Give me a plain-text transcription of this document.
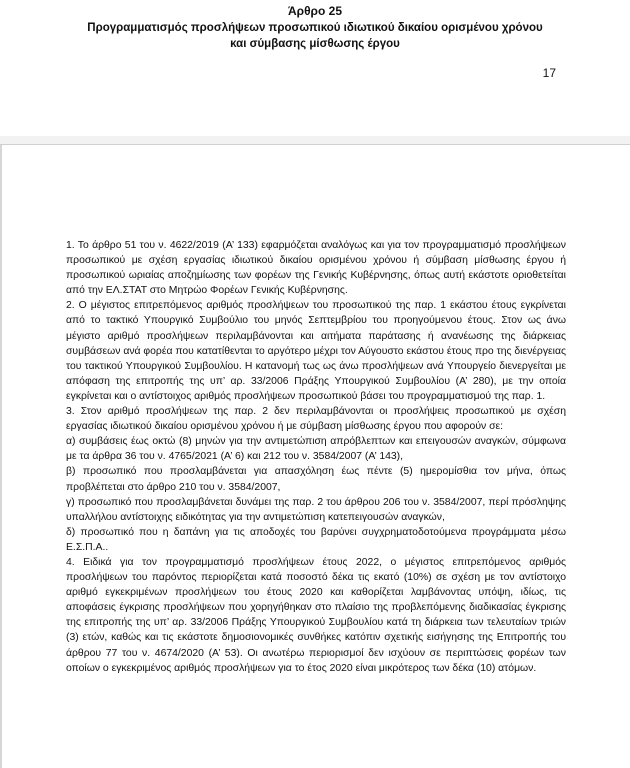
Άρθρο 25
Προγραμματισμός προσλήψεων προσωπικού ιδιωτικού δικαίου ορισμένου χρόνου και σύμβασης μίσθωσης έργου
17

1. Το άρθρο 51 του ν. 4622/2019 (Α’ 133) εφαρμόζεται αναλόγως και για τον προγραμματισμό προσλήψεων προσωπικού με σχέση εργασίας ιδιωτικού δικαίου ορισμένου χρόνου ή σύμβαση μίσθωσης έργου ή προσωπικού ωριαίας αποζημίωσης των φορέων της Γενικής Κυβέρνησης, όπως αυτή εκάστοτε οριοθετείται από την ΕΛ.ΣΤΑΤ στο Μητρώο Φορέων Γενικής Κυβέρνησης.

2. Ο μέγιστος επιτρεπόμενος αριθμός προσλήψεων του προσωπικού της παρ. 1 εκάστου έτους εγκρίνεται από το τακτικό Υπουργικό Συμβούλιο του μηνός Σεπτεμβρίου του προηγούμενου έτους. Στον ως άνω μέγιστο αριθμό προσλήψεων περιλαμβάνονται και αιτήματα παράτασης ή ανανέωσης της διάρκειας συμβάσεων ανά φορέα που κατατίθενται το αργότερο μέχρι τον Αύγουστο εκάστου έτους προ της διενέργειας του τακτικού Υπουργικού Συμβουλίου. Η κατανομή τως ως άνω προσλήψεων ανά Υπουργείο διενεργείται με απόφαση της επιτροπής της υπ’ αρ. 33/2006 Πράξης Υπουργικού Συμβουλίου (Α’ 280), με την οποία εγκρίνεται και ο αντίστοιχος αριθμός προσλήψεων προσωπικού βάσει του προγραμματισμού της παρ. 1.

3. Στον αριθμό προσλήψεων της παρ. 2 δεν περιλαμβάνονται οι προσλήψεις προσωπικού με σχέση εργασίας ιδιωτικού δικαίου ορισμένου χρόνου ή με σύμβαση μίσθωσης έργου που αφορούν σε:

α) συμβάσεις έως οκτώ (8) μηνών για την αντιμετώπιση απρόβλεπτων και επειγουσών αναγκών, σύμφωνα με τα άρθρα 36 του ν. 4765/2021 (Α’ 6) και 212 του ν. 3584/2007 (Α’ 143),

β) προσωπικό που προσλαμβάνεται για απασχόληση έως πέντε (5) ημερομίσθια τον μήνα, όπως προβλέπεται στο άρθρο 210 του ν. 3584/2007,

γ) προσωπικό που προσλαμβάνεται δυνάμει της παρ. 2 του άρθρου 206 του ν. 3584/2007, περί πρόσληψης υπαλλήλου αντίστοιχης ειδικότητας για την αντιμετώπιση κατεπειγουσών αναγκών,

δ) προσωπικό που η δαπάνη για τις αποδοχές του βαρύνει συγχρηματοδοτούμενα προγράμματα μέσω Ε.Σ.Π.Α..

4. Ειδικά για τον προγραμματισμό προσλήψεων έτους 2022, ο μέγιστος επιτρεπόμενος αριθμός προσλήψεων του παρόντος περιορίζεται κατά ποσοστό δέκα τις εκατό (10%) σε σχέση με τον αντίστοιχο αριθμό εγκεκριμένων προσλήψεων του έτους 2020 και καθορίζεται λαμβάνοντας υπόψη, ιδίως, τις αποφάσεις έγκρισης προσλήψεων που χορηγήθηκαν στο πλαίσιο της προβλεπόμενης διαδικασίας έγκρισης της επιτροπής της υπ’ αρ. 33/2006 Πράξης Υπουργικού Συμβουλίου κατά τη διάρκεια των τελευταίων τριών (3) ετών, καθώς και τις εκάστοτε δημοσιονομικές συνθήκες κατόπιν σχετικής εισήγησης της Επιτροπής του άρθρου 77 του ν. 4674/2020 (Α’ 53). Οι ανωτέρω περιορισμοί δεν ισχύουν σε περιπτώσεις φορέων των οποίων ο εγκεκριμένος αριθμός προσλήψεων για το έτος 2020 είναι μικρότερος των δέκα (10) ατόμων.
